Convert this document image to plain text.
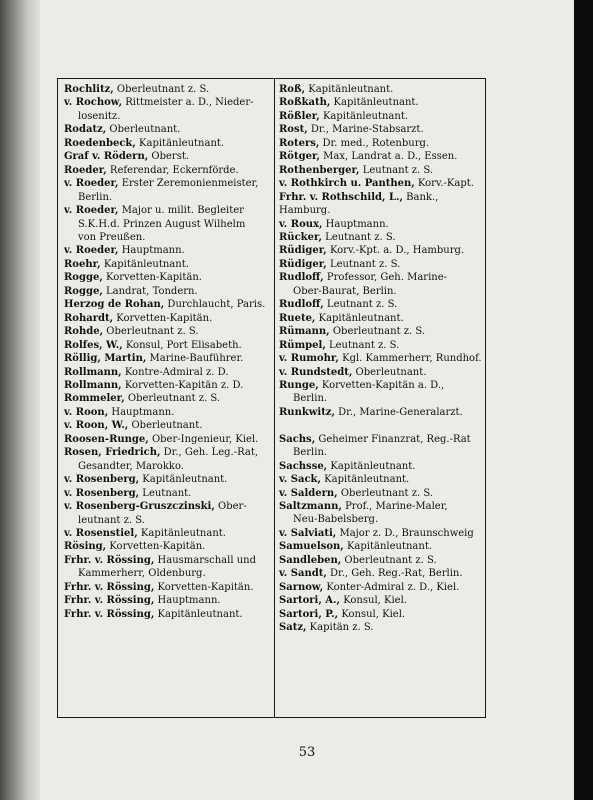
53
Rochlitz, Oberleutnant z. S.
v. Rochow, Rittmeister a. D., Nieder-
losenitz.
Rodatz, Oberleutnant.
Roedenbeck, Kapitänleutnant.
Graf v. Rödern, Oberst.
Roeder, Referendar, Eckernförde.
v. Roeder, Erster Zeremonienmeister,
Berlin.
v. Roeder, Major u. milit. Begleiter
S.K.H.d. Prinzen August Wilhelm
von Preußen.
v. Roeder, Hauptmann.
Roehr, Kapitänleutnant.
Rogge, Korvetten-Kapitän.
Rogge, Landrat, Tondern.
Herzog de Rohan, Durchlaucht, Paris.
Rohardt, Korvetten-Kapitän.
Rohde, Oberleutnant z. S.
Rolfes, W., Konsul, Port Elisabeth.
Röllig, Martin, Marine-Bauführer.
Rollmann, Kontre-Admiral z. D.
Rollmann, Korvetten-Kapitän z. D.
Rommeler, Oberleutnant z. S.
v. Roon, Hauptmann.
v. Roon, W., Oberleutnant.
Roosen-Runge, Ober-Ingenieur, Kiel.
Rosen, Friedrich, Dr., Geh. Leg.-Rat,
Gesandter, Marokko.
v. Rosenberg, Kapitänleutnant.
v. Rosenberg, Leutnant.
v. Rosenberg-Gruszczinski, Ober-
leutnant z. S.
v. Rosenstiel, Kapitänleutnant.
Rösing, Korvetten-Kapitän.
Frhr. v. Rössing, Hausmarschall und
Kammerherr, Oldenburg.
Frhr. v. Rössing, Korvetten-Kapitän.
Frhr. v. Rössing, Hauptmann.
Frhr. v. Rössing, Kapitänleutnant.
Roß, Kapitänleutnant.
Roßkath, Kapitänleutnant.
Rößler, Kapitänleutnant.
Rost, Dr., Marine-Stabsarzt.
Roters, Dr. med., Rotenburg.
Rötger, Max, Landrat a. D., Essen.
Rothenberger, Leutnant z. S.
v. Rothkirch u. Panthen, Korv.-Kapt.
Frhr. v. Rothschild, L., Bank., Hamburg.
v. Roux, Hauptmann.
Rücker, Leutnant z. S.
Rüdiger, Korv.-Kpt. a. D., Hamburg.
Rüdiger, Leutnant z. S.
Rudloff, Professor, Geh. Marine-
Ober-Baurat, Berlin.
Rudloff, Leutnant z. S.
Ruete, Kapitänleutnant.
Rümann, Oberleutnant z. S.
Rümpel, Leutnant z. S.
v. Rumohr, Kgl. Kammerherr, Rundhof.
v. Rundstedt, Oberleutnant.
Runge, Korvetten-Kapitän a. D.,
Berlin.
Runkwitz, Dr., Marine-Generalarzt.
Sachs, Geheimer Finanzrat, Reg.-Rat
Berlin.
Sachsse, Kapitänleutnant.
v. Sack, Kapitänleutnant.
v. Saldern, Oberleutnant z. S.
Saltzmann, Prof., Marine-Maler,
Neu-Babelsberg.
v. Salviati, Major z. D., Braunschweig
Samuelson, Kapitänleutnant.
Sandleben, Oberleutnant z. S.
v. Sandt, Dr., Geh. Reg.-Rat, Berlin.
Sarnow, Konter-Admiral z. D., Kiel.
Sartori, A., Konsul, Kiel.
Sartori, P., Konsul, Kiel.
Satz, Kapitän z. S.
